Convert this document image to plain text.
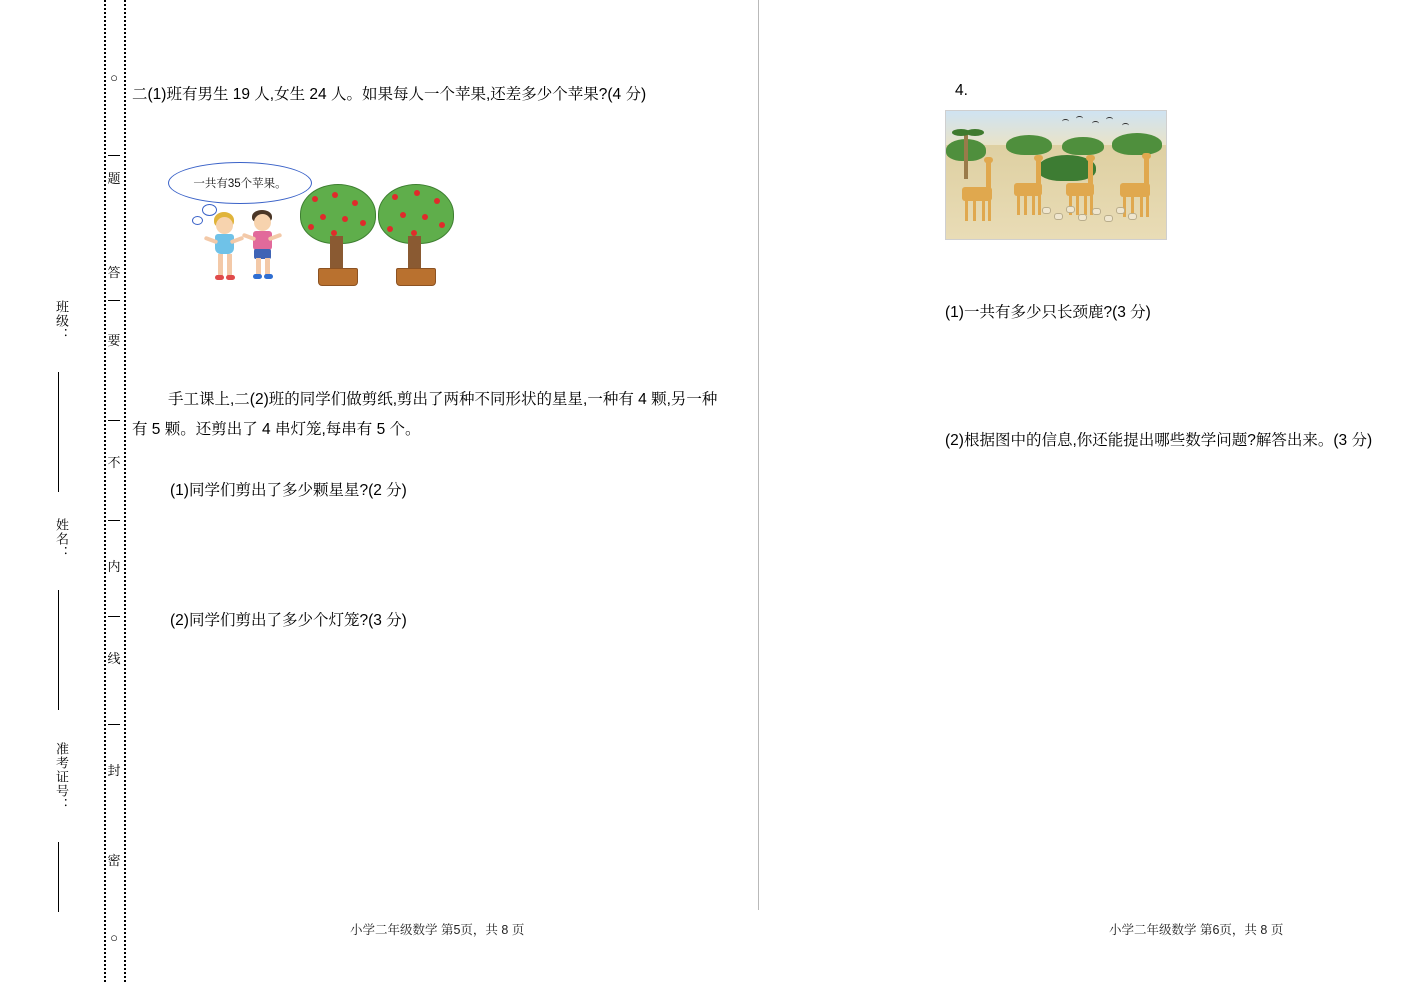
○
题
答
要
不
内
线
封
密
○
班级：
姓名：
准考证号：
二(1)班有男生 19 人,女生 24 人。如果每人一个苹果,还差多少个苹果?(4 分)
一共有35个苹果。
手工课上,二(2)班的同学们做剪纸,剪出了两种不同形状的星星,一种有 4 颗,另一种有 5 颗。还剪出了 4 串灯笼,每串有 5 个。
(1)同学们剪出了多少颗星星?(2 分)
(2)同学们剪出了多少个灯笼?(3 分)
小学二年级数学 第5页，共 8 页
4.
(1)一共有多少只长颈鹿?(3 分)
(2)根据图中的信息,你还能提出哪些数学问题?解答出来。(3 分)
小学二年级数学 第6页，共 8 页
